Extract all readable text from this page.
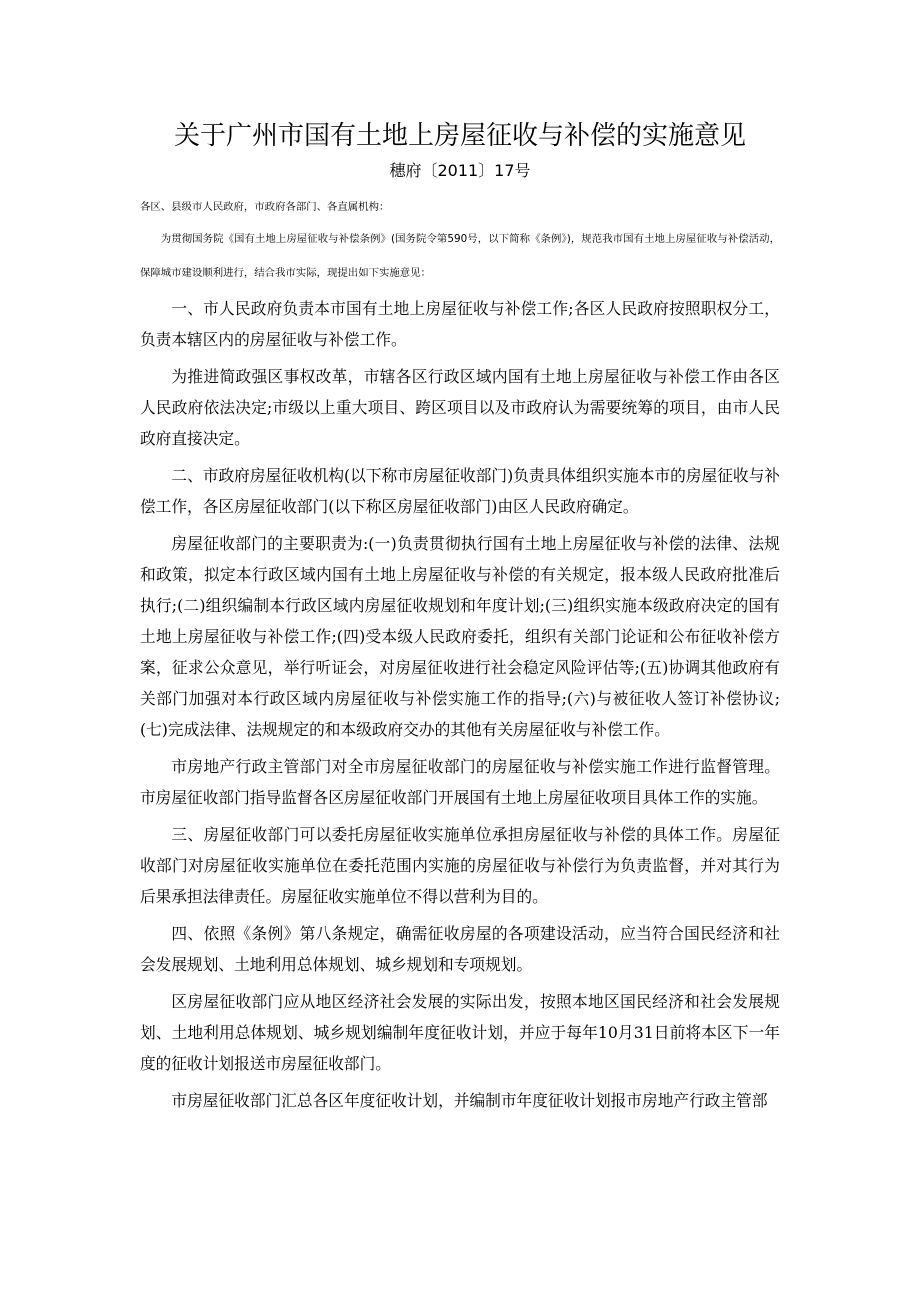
关于广州市国有土地上房屋征收与补偿的实施意见
穗府〔2011〕17号

各区、县级市人民政府，市政府各部门、各直属机构：

为贯彻国务院《国有土地上房屋征收与补偿条例》(国务院令第590号，以下简称《条例》)，规范我市国有土地上房屋征收与补偿活动，保障城市建设顺利进行，结合我市实际，现提出如下实施意见：

一、市人民政府负责本市国有土地上房屋征收与补偿工作;各区人民政府按照职权分工，负责本辖区内的房屋征收与补偿工作。

为推进简政强区事权改革，市辖各区行政区域内国有土地上房屋征收与补偿工作由各区人民政府依法决定;市级以上重大项目、跨区项目以及市政府认为需要统筹的项目，由市人民政府直接决定。

二、市政府房屋征收机构(以下称市房屋征收部门)负责具体组织实施本市的房屋征收与补偿工作，各区房屋征收部门(以下称区房屋征收部门)由区人民政府确定。

房屋征收部门的主要职责为:(一)负责贯彻执行国有土地上房屋征收与补偿的法律、法规和政策，拟定本行政区域内国有土地上房屋征收与补偿的有关规定，报本级人民政府批准后执行;(二)组织编制本行政区域内房屋征收规划和年度计划;(三)组织实施本级政府决定的国有土地上房屋征收与补偿工作;(四)受本级人民政府委托，组织有关部门论证和公布征收补偿方案，征求公众意见，举行听证会，对房屋征收进行社会稳定风险评估等;(五)协调其他政府有关部门加强对本行政区域内房屋征收与补偿实施工作的指导;(六)与被征收人签订补偿协议;(七)完成法律、法规规定的和本级政府交办的其他有关房屋征收与补偿工作。

市房地产行政主管部门对全市房屋征收部门的房屋征收与补偿实施工作进行监督管理。市房屋征收部门指导监督各区房屋征收部门开展国有土地上房屋征收项目具体工作的实施。

三、房屋征收部门可以委托房屋征收实施单位承担房屋征收与补偿的具体工作。房屋征收部门对房屋征收实施单位在委托范围内实施的房屋征收与补偿行为负责监督，并对其行为后果承担法律责任。房屋征收实施单位不得以营利为目的。

四、依照《条例》第八条规定，确需征收房屋的各项建设活动，应当符合国民经济和社会发展规划、土地利用总体规划、城乡规划和专项规划。

区房屋征收部门应从地区经济社会发展的实际出发，按照本地区国民经济和社会发展规划、土地利用总体规划、城乡规划编制年度征收计划，并应于每年10月31日前将本区下一年度的征收计划报送市房屋征收部门。

市房屋征收部门汇总各区年度征收计划，并编制市年度征收计划报市房地产行政主管部
